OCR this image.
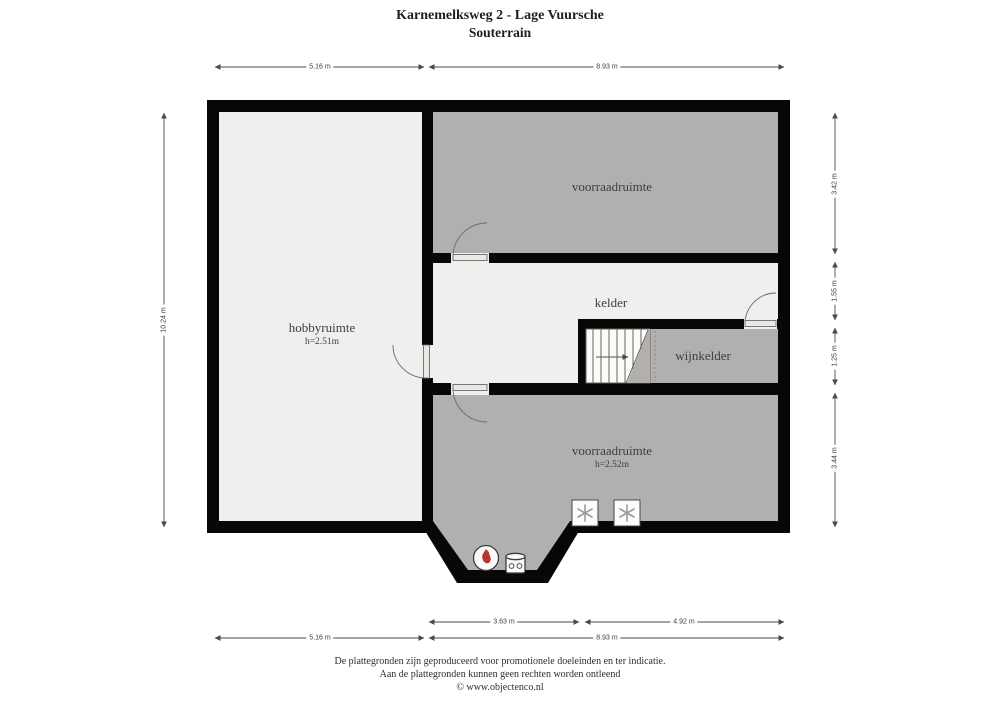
Karnemelksweg 2 - Lage Vuursche
Souterrain
hobbyruimte
h=2.51m
voorraadruimte
kelder
wijnkelder
voorraadruimte
h=2.52m
5.16 m	8.93 m
10.24 m
3.42 m
1.55 m
1.25 m
3.44 m
3.63 m	4.92 m
8.93 m
5.16 m
De plattegronden zijn geproduceerd voor promotionele doeleinden en ter indicatie.
Aan de plattegronden kunnen geen rechten worden ontleend
© www.objectenco.nl
